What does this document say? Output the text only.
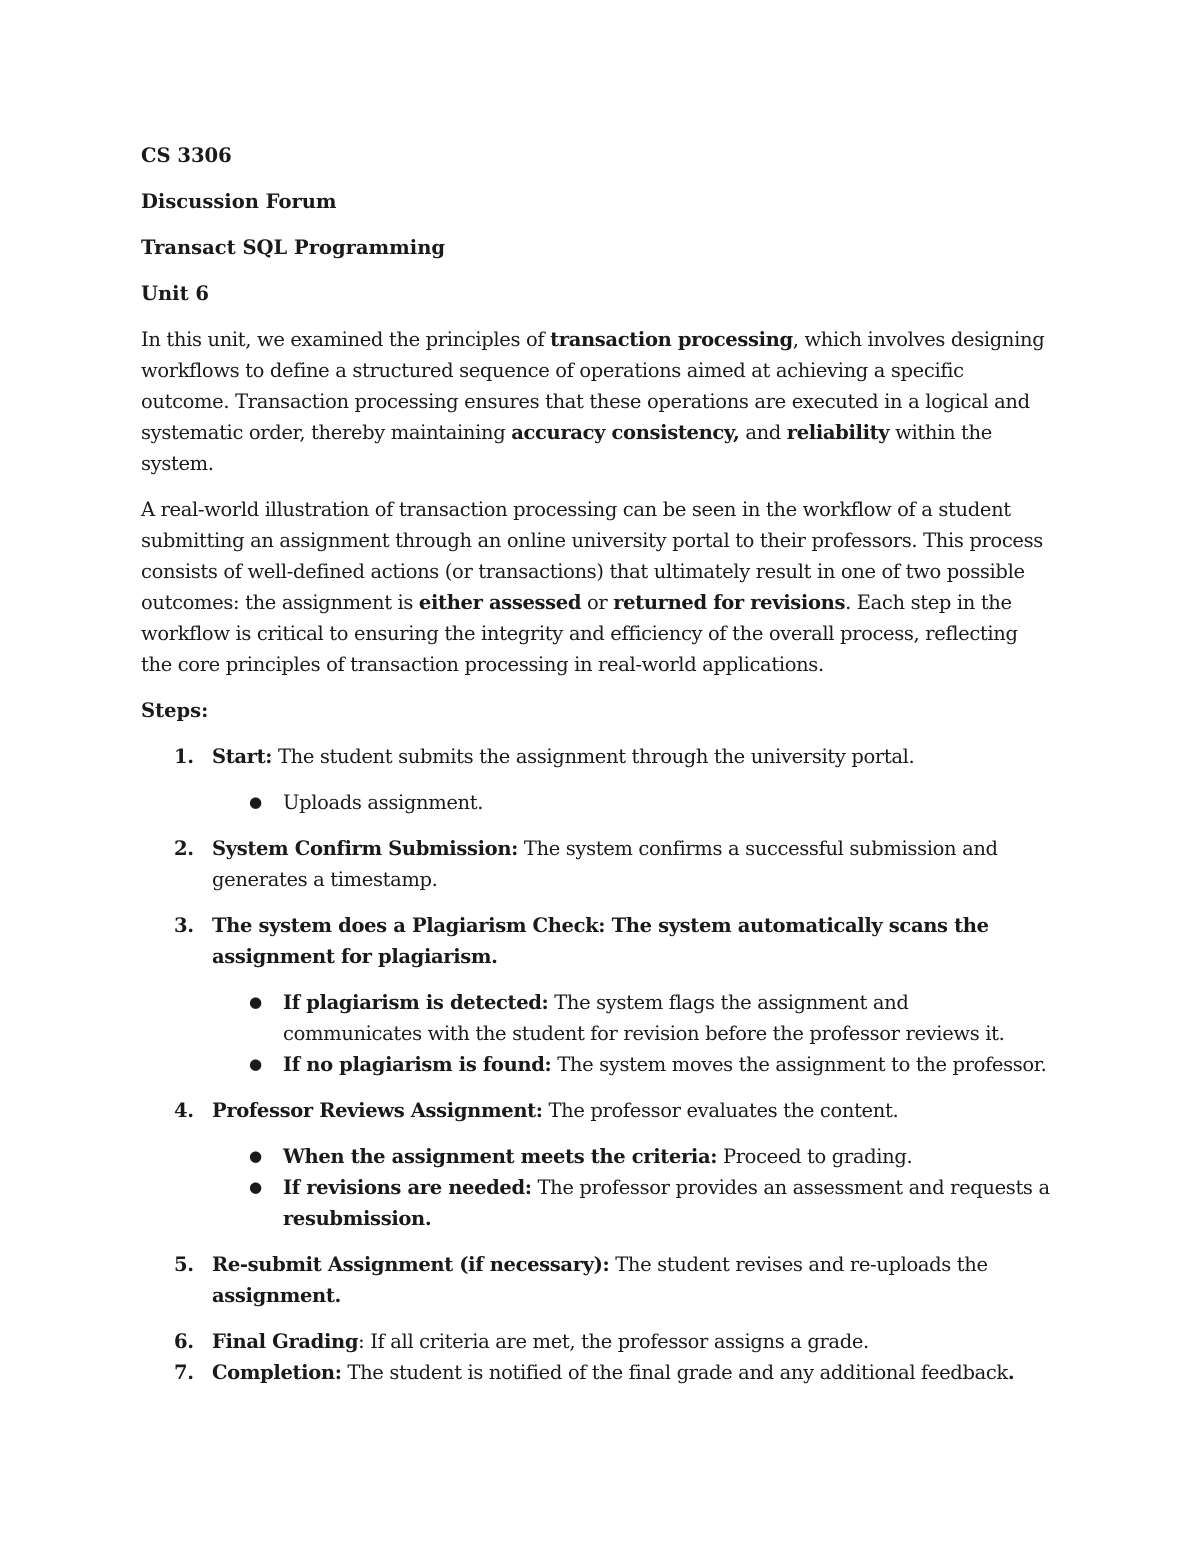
CS 3306
Discussion Forum
Transact SQL Programming
Unit 6

In this unit, we examined the principles of transaction processing, which involves designing workflows to define a structured sequence of operations aimed at achieving a specific outcome. Transaction processing ensures that these operations are executed in a logical and systematic order, thereby maintaining accuracy consistency, and reliability within the system.

A real-world illustration of transaction processing can be seen in the workflow of a student submitting an assignment through an online university portal to their professors. This process consists of well-defined actions (or transactions) that ultimately result in one of two possible outcomes: the assignment is either assessed or returned for revisions. Each step in the workflow is critical to ensuring the integrity and efficiency of the overall process, reflecting the core principles of transaction processing in real-world applications.

Steps:
1. Start: The student submits the assignment through the university portal.
● Uploads assignment.
2. System Confirm Submission: The system confirms a successful submission and generates a timestamp.
3. The system does a Plagiarism Check: The system automatically scans the assignment for plagiarism.
● If plagiarism is detected: The system flags the assignment and communicates with the student for revision before the professor reviews it.
● If no plagiarism is found: The system moves the assignment to the professor.
4. Professor Reviews Assignment: The professor evaluates the content.
● When the assignment meets the criteria: Proceed to grading.
● If revisions are needed: The professor provides an assessment and requests a resubmission.
5. Re-submit Assignment (if necessary): The student revises and re-uploads the assignment.
6. Final Grading: If all criteria are met, the professor assigns a grade.
7. Completion: The student is notified of the final grade and any additional feedback.
